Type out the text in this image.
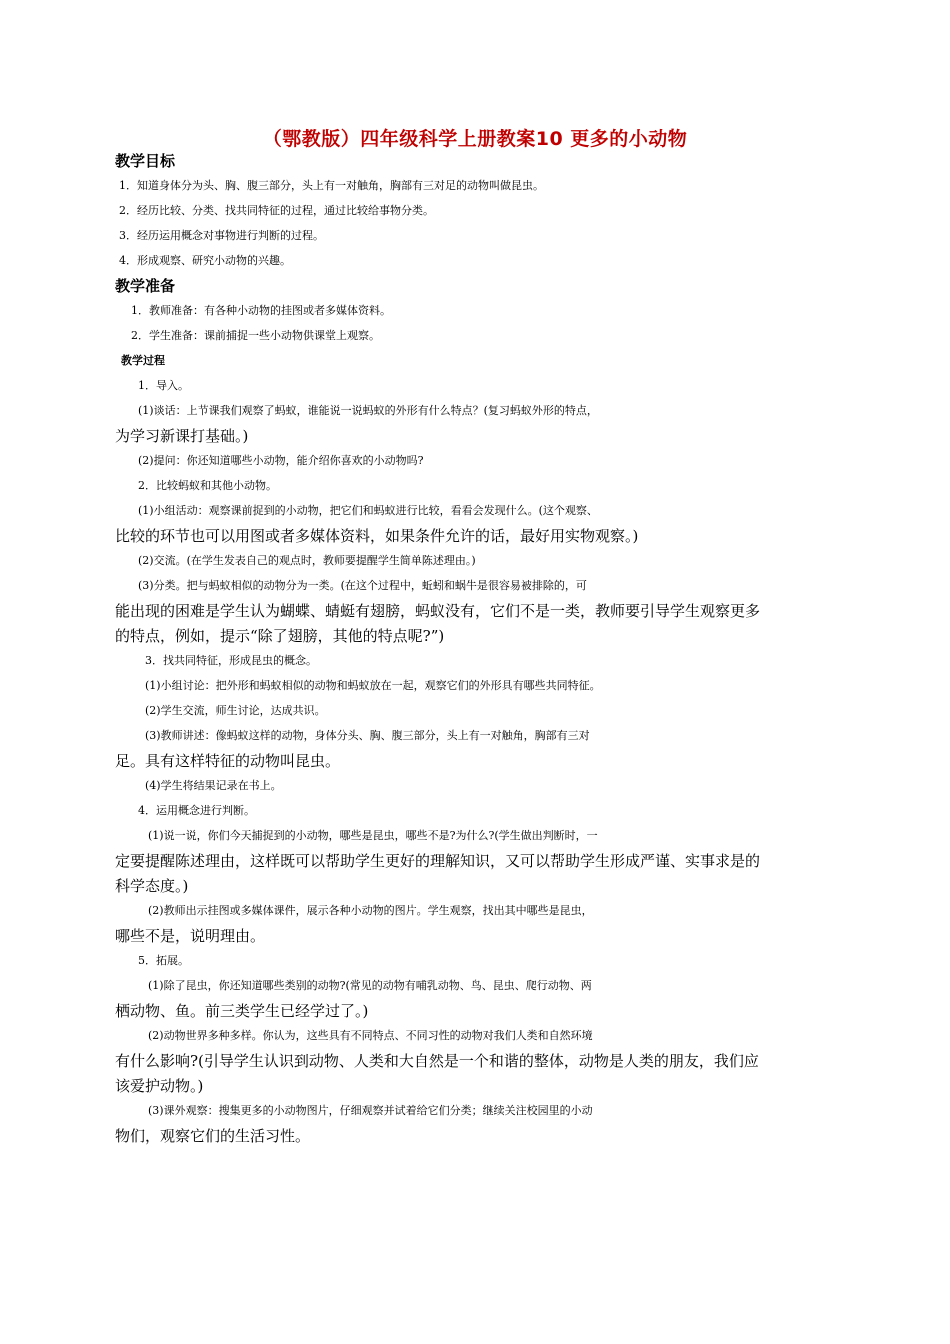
（鄂教版）四年级科学上册教案10 更多的小动物
教学目标
1．知道身体分为头、胸、腹三部分，头上有一对触角，胸部有三对足的动物叫做昆虫。
2．经历比较、分类、找共同特征的过程，通过比较给事物分类。
3．经历运用概念对事物进行判断的过程。
4．形成观察、研究小动物的兴趣。
教学准备
1．教师准备：有各种小动物的挂图或者多媒体资料。
2．学生准备：课前捕捉一些小动物供课堂上观察。
教学过程
1．导入。
(1)谈话：上节课我们观察了蚂蚁，谁能说一说蚂蚁的外形有什么特点？(复习蚂蚁外形的特点，
为学习新课打基础。)
(2)提问：你还知道哪些小动物，能介绍你喜欢的小动物吗?
2．比较蚂蚁和其他小动物。
(1)小组活动：观察课前捉到的小动物，把它们和蚂蚁进行比较，看看会发现什么。(这个观察、
比较的环节也可以用图或者多媒体资料，如果条件允许的话，最好用实物观察。)
(2)交流。(在学生发表自己的观点时，教师要提醒学生简单陈述理由。)
(3)分类。把与蚂蚁相似的动物分为一类。(在这个过程中，蚯蚓和蜗牛是很容易被排除的，可
能出现的困难是学生认为蝴蝶、蜻蜓有翅膀，蚂蚁没有，它们不是一类，教师要引导学生观察更多
的特点，例如，提示“除了翅膀，其他的特点呢?”)
3．找共同特征，形成昆虫的概念。
(1)小组讨论：把外形和蚂蚁相似的动物和蚂蚁放在一起，观察它们的外形具有哪些共同特征。
(2)学生交流，师生讨论，达成共识。
(3)教师讲述：像蚂蚁这样的动物，身体分头、胸、腹三部分，头上有一对触角，胸部有三对
足。具有这样特征的动物叫昆虫。
(4)学生将结果记录在书上。
4．运用概念进行判断。
(1)说一说，你们今天捕捉到的小动物，哪些是昆虫，哪些不是?为什么?(学生做出判断时，一
定要提醒陈述理由，这样既可以帮助学生更好的理解知识，又可以帮助学生形成严谨、实事求是的
科学态度。)
(2)教师出示挂图或多媒体课件，展示各种小动物的图片。学生观察，找出其中哪些是昆虫，
哪些不是，说明理由。
5．拓展。
(1)除了昆虫，你还知道哪些类别的动物?(常见的动物有哺乳动物、鸟、昆虫、爬行动物、两
栖动物、鱼。前三类学生已经学过了。)
(2)动物世界多种多样。你认为，这些具有不同特点、不同习性的动物对我们人类和自然环境
有什么影响?(引导学生认识到动物、人类和大自然是一个和谐的整体，动物是人类的朋友，我们应
该爱护动物。)
(3)课外观察：搜集更多的小动物图片，仔细观察并试着给它们分类；继续关注校园里的小动
物们，观察它们的生活习性。
